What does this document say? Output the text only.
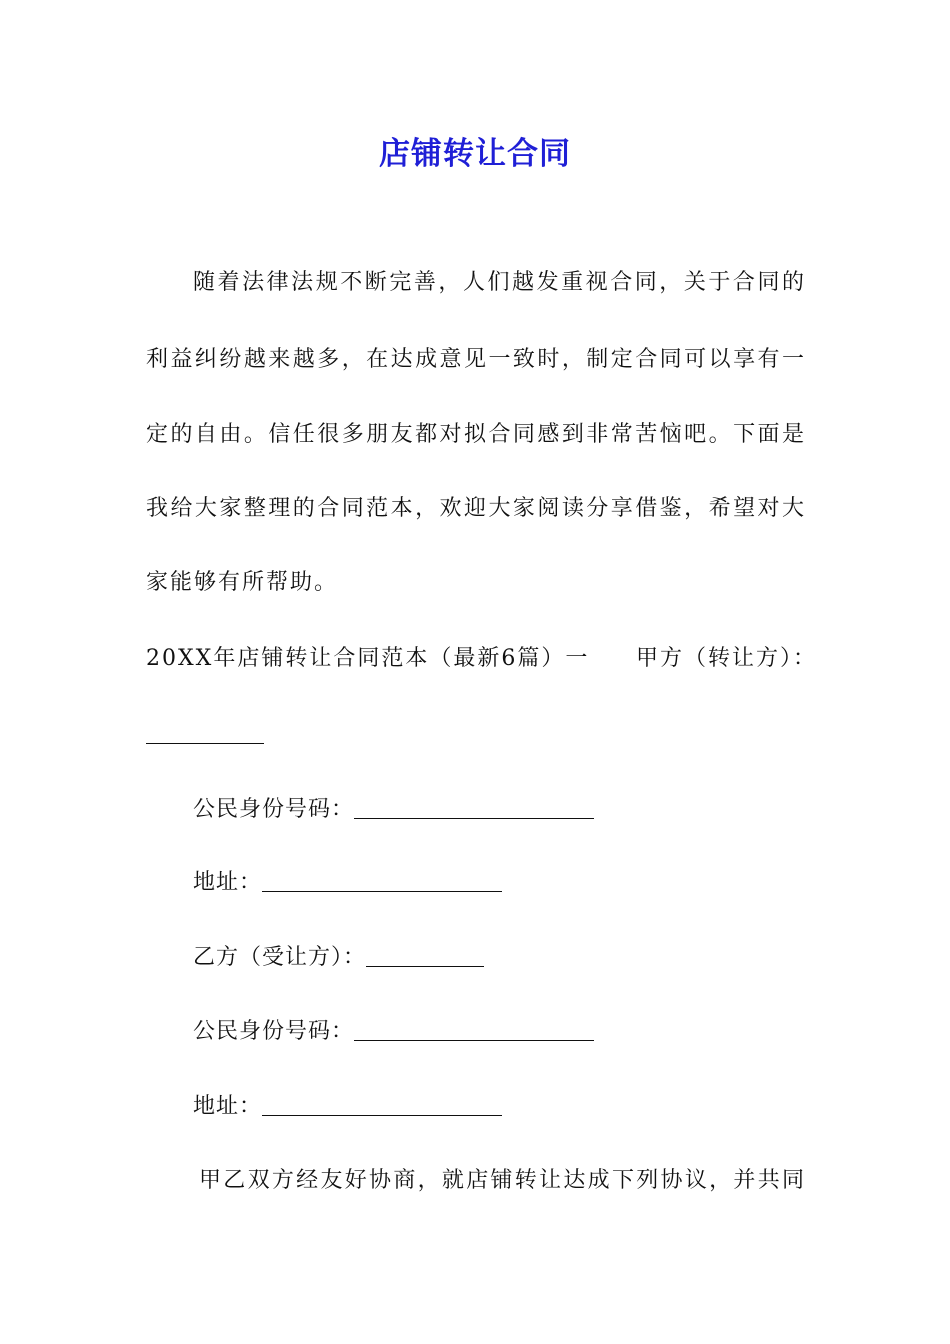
店铺转让合同
随着法律法规不断完善，人们越发重视合同，关于合同的
利益纠纷越来越多，在达成意见一致时，制定合同可以享有一
定的自由。信任很多朋友都对拟合同感到非常苦恼吧。下面是
我给大家整理的合同范本，欢迎大家阅读分享借鉴，希望对大
家能够有所帮助。
20XX年店铺转让合同范本（最新6篇）一 甲方（转让方）：
公民身份号码：
地址：
乙方（受让方）：
公民身份号码：
地址：
甲乙双方经友好协商，就店铺转让达成下列协议，并共同
